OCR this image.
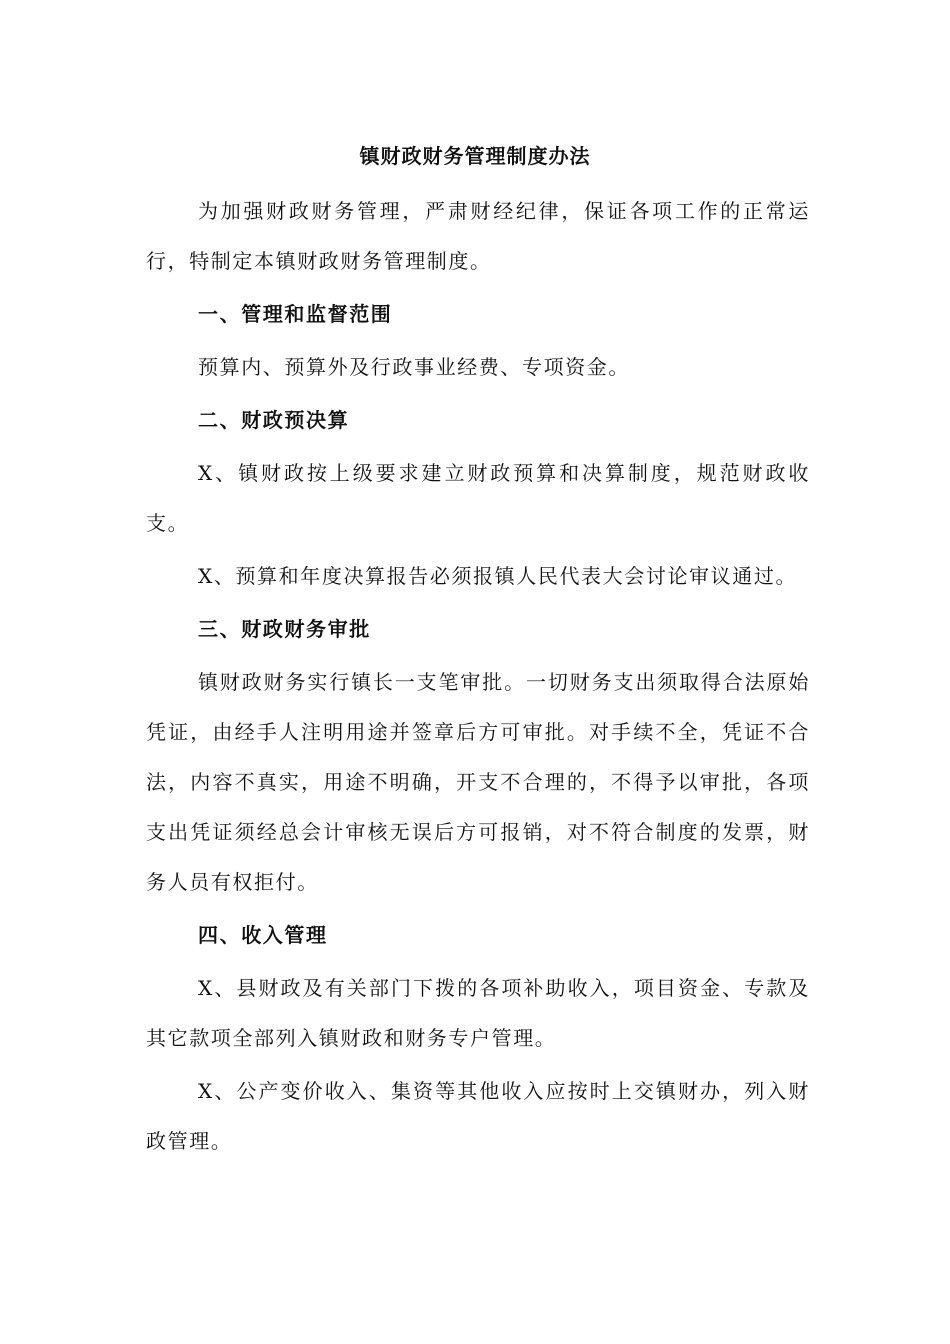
镇财政财务管理制度办法

为加强财政财务管理，严肃财经纪律，保证各项工作的正常运行，特制定本镇财政财务管理制度。

一、管理和监督范围

预算内、预算外及行政事业经费、专项资金。

二、财政预决算

X、镇财政按上级要求建立财政预算和决算制度，规范财政收支。

X、预算和年度决算报告必须报镇人民代表大会讨论审议通过。

三、财政财务审批

镇财政财务实行镇长一支笔审批。一切财务支出须取得合法原始凭证，由经手人注明用途并签章后方可审批。对手续不全，凭证不合法，内容不真实，用途不明确，开支不合理的，不得予以审批，各项支出凭证须经总会计审核无误后方可报销，对不符合制度的发票，财务人员有权拒付。

四、收入管理

X、县财政及有关部门下拨的各项补助收入，项目资金、专款及其它款项全部列入镇财政和财务专户管理。

X、公产变价收入、集资等其他收入应按时上交镇财办，列入财政管理。
